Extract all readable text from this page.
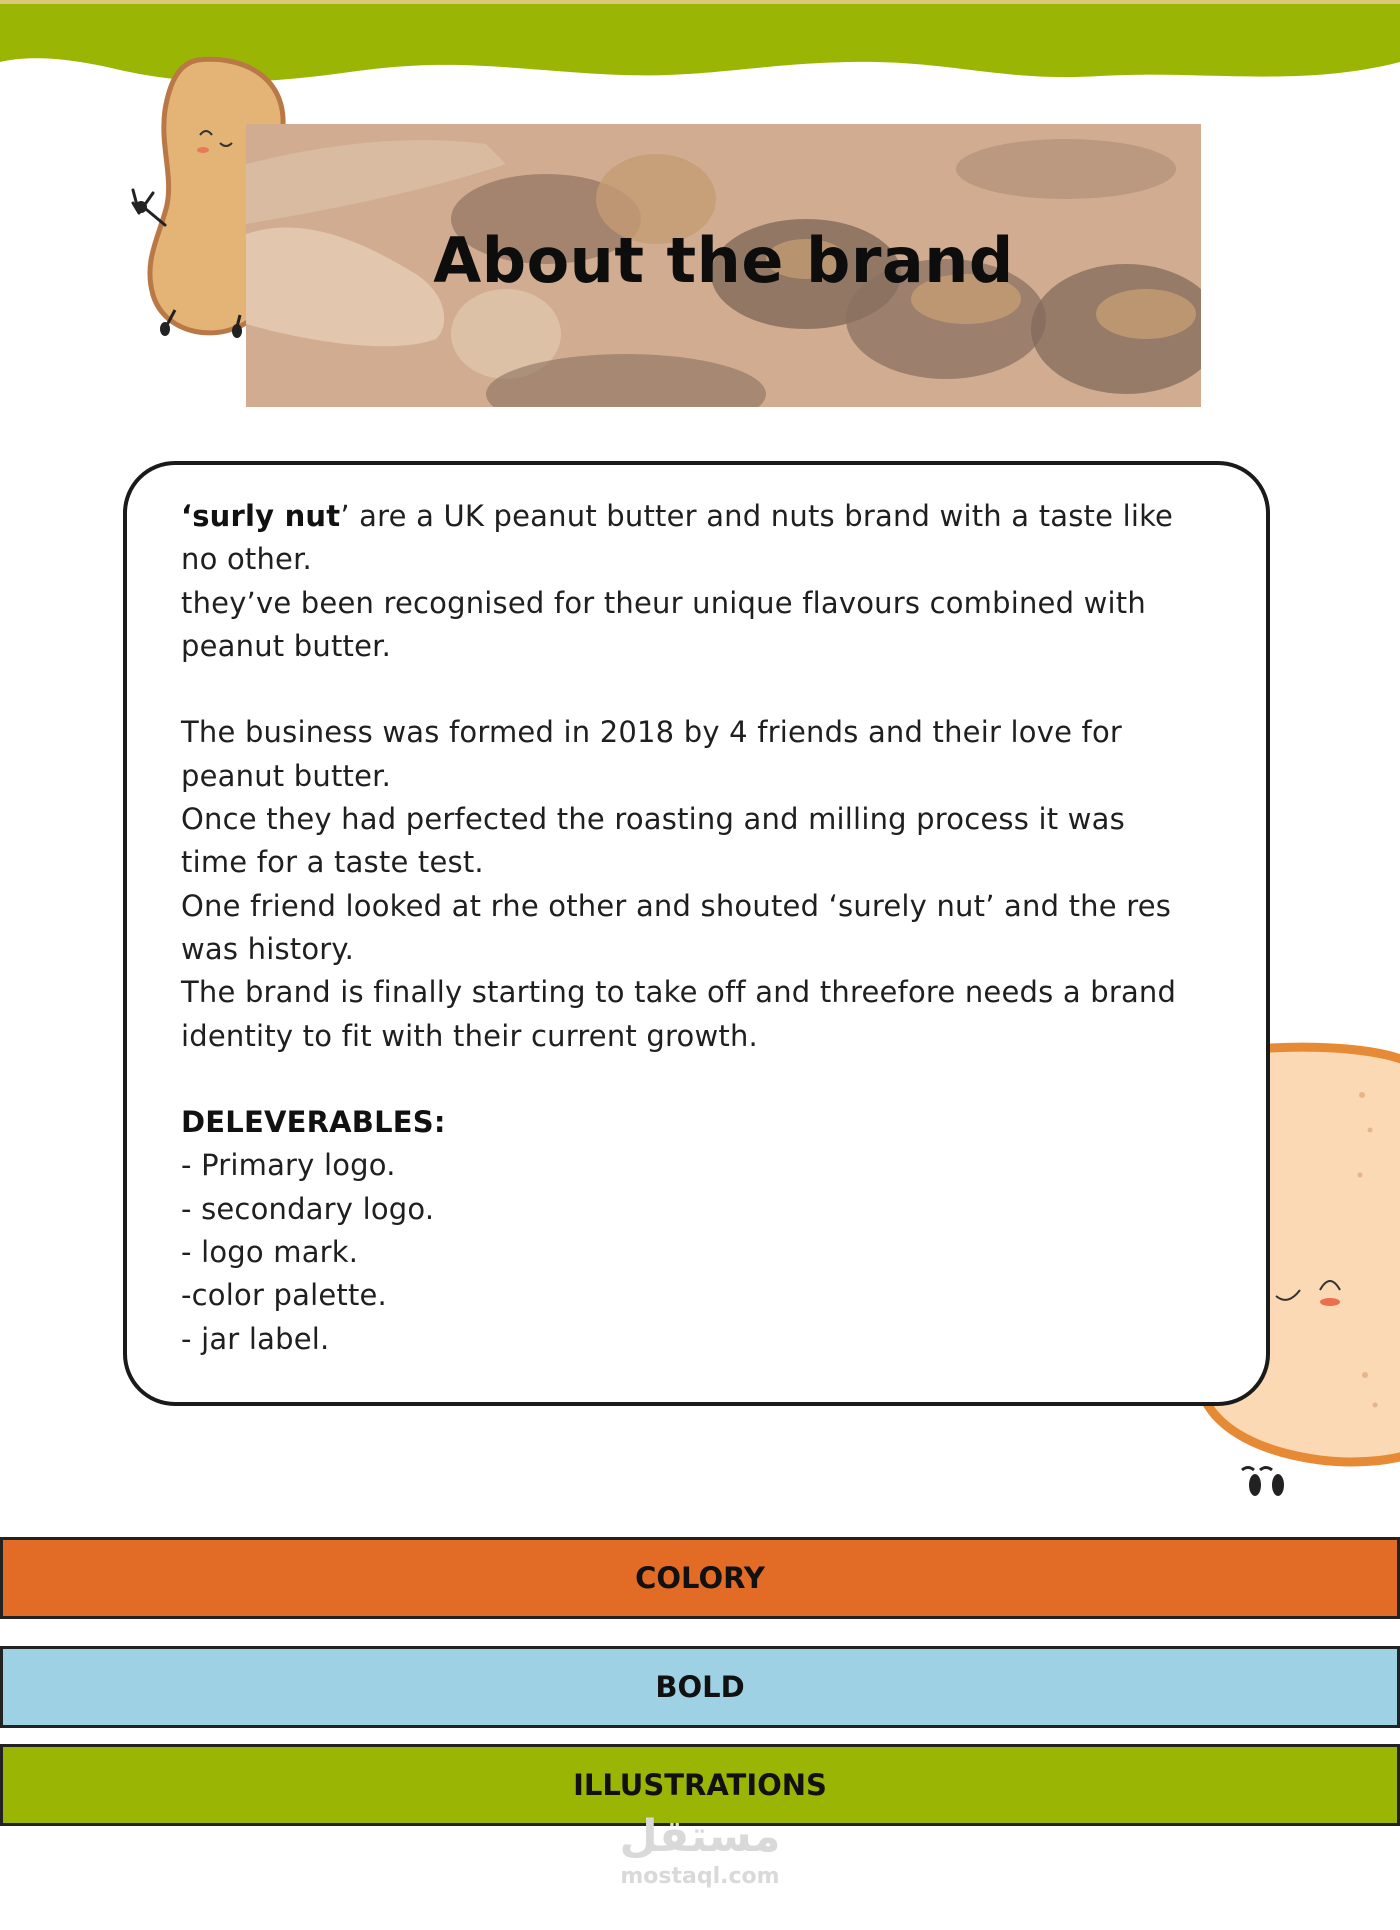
About the brand

‘surly nut’ are a UK peanut butter and nuts brand with a taste like

no other.

they’ve been recognised for theur unique flavours combined with

peanut butter.

The business was formed in 2018 by 4 friends and their love for

peanut butter.

Once they had perfected the roasting and milling process it was

time for a taste test.

One friend looked at rhe other and shouted ‘surely nut’ and the res

was history.

The brand is finally starting to take off and threefore needs a brand

identity to fit with their current growth.

DELEVERABLES:

- Primary logo.

- secondary logo.

- logo mark.

-color palette.

- jar label.

COLORY
BOLD
ILLUSTRATIONS
مستقل
mostaql.com
